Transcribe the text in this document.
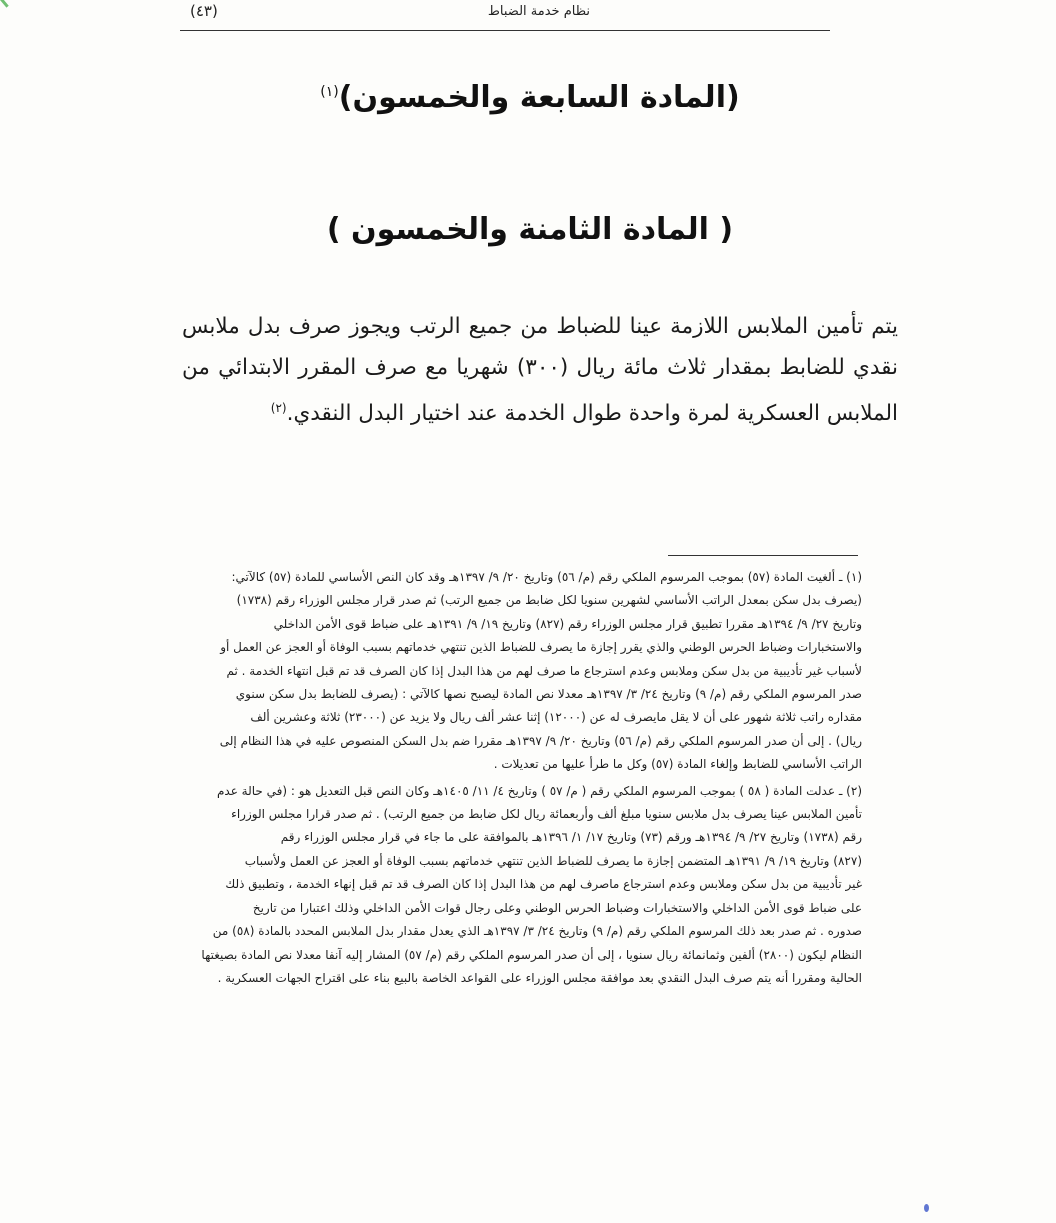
نظام خدمة الضباط
(٤٣)
(المادة السابعة والخمسون)$^{(١)}$
( المادة الثامنة والخمسون )
يتم تأمين الملابس اللازمة عينا للضباط من جميع الرتب ويجوز صرف بدل ملابس نقدي للضابط بمقدار ثلاث مائة ريال (٣٠٠) شهريا مع صرف المقرر الابتدائي من الملابس العسكرية لمرة واحدة طوال الخدمة عند اختيار البدل النقدي.$^{(٢)}$
(١) ـ ألغيت المادة (٥٧) بموجب المرسوم الملكي رقم (م/ ٥٦) وتاريخ ٢٠/ ٩/ ١٣٩٧هـ وقد كان النص الأساسي للمادة (٥٧) كالآتي:
(يصرف بدل سكن بمعدل الراتب الأساسي لشهرين سنويا لكل ضابط من جميع الرتب) ثم صدر قرار مجلس الوزراء رقم (١٧٣٨)
وتاريخ ٢٧/ ٩/ ١٣٩٤هـ مقررا تطبيق قرار مجلس الوزراء رقم (٨٢٧) وتاريخ ١٩/ ٩/ ١٣٩١هـ على ضباط قوى الأمن الداخلي
والاستخبارات وضباط الحرس الوطني والذي يقرر إجازة ما يصرف للضباط الذين تنتهي خدماتهم بسبب الوفاة أو العجز عن العمل أو
لأسباب غير تأديبية من بدل سكن وملابس وعدم استرجاع ما صرف لهم من هذا البدل إذا كان الصرف قد تم قبل انتهاء الخدمة . ثم
صدر المرسوم الملكي رقم (م/ ٩) وتاريخ ٢٤/ ٣/ ١٣٩٧هـ معدلا نص المادة ليصبح نصها كالآتي : (يصرف للضابط بدل سكن سنوي
مقداره راتب ثلاثة شهور على أن لا يقل مايصرف له عن (١٢٠٠٠) إثنا عشر ألف ريال ولا يزيد عن (٢٣٠٠٠) ثلاثة وعشرين ألف
ريال) . إلى أن صدر المرسوم الملكي رقم (م/ ٥٦) وتاريخ ٢٠/ ٩/ ١٣٩٧هـ مقررا ضم بدل السكن المنصوص عليه في هذا النظام إلى
الراتب الأساسي للضابط وإلغاء المادة (٥٧) وكل ما طرأ عليها من تعديلات .
(٢) ـ عدلت المادة ( ٥٨ ) بموجب المرسوم الملكي رقم ( م/ ٥٧ ) وتاريخ ٤/ ١١/ ١٤٠٥هـ وكان النص قبل التعديل هو : (في حالة عدم
تأمين الملابس عينا يصرف بدل ملابس سنويا مبلغ ألف وأربعمائة ريال لكل ضابط من جميع الرتب) . ثم صدر قرارا مجلس الوزراء
رقم (١٧٣٨) وتاريخ ٢٧/ ٩/ ١٣٩٤هـ ورقم (٧٣) وتاريخ ١٧/ ١/ ١٣٩٦هـ بالموافقة على ما جاء في قرار مجلس الوزراء رقم
(٨٢٧) وتاريخ ١٩/ ٩/ ١٣٩١هـ المتضمن إجازة ما يصرف للضباط الذين تنتهي خدماتهم بسبب الوفاة أو العجز عن العمل ولأسباب
غير تأديبية من بدل سكن وملابس وعدم استرجاع ماصرف لهم من هذا البدل إذا كان الصرف قد تم قبل إنهاء الخدمة ، وتطبيق ذلك
على ضباط قوى الأمن الداخلي والاستخبارات وضباط الحرس الوطني وعلى رجال قوات الأمن الداخلي وذلك اعتبارا من تاريخ
صدوره . ثم صدر بعد ذلك المرسوم الملكي رقم (م/ ٩) وتاريخ ٢٤/ ٣/ ١٣٩٧هـ الذي يعدل مقدار بدل الملابس المحدد بالمادة (٥٨) من
النظام ليكون (٢٨٠٠) ألفين وثمانمائة ريال سنويا ، إلى أن صدر المرسوم الملكي رقم (م/ ٥٧) المشار إليه آنفا معدلا نص المادة بصيغتها
الحالية ومقررا أنه يتم صرف البدل النقدي بعد موافقة مجلس الوزراء على القواعد الخاصة بالبيع بناء على اقتراح الجهات العسكرية .
